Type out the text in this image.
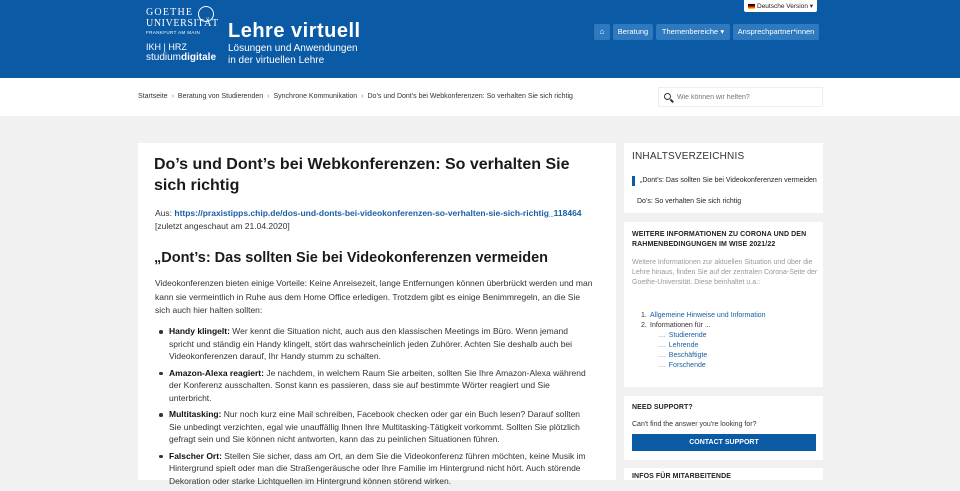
GOETHE
UNIVERSITÄT
FRANKFURT AM MAIN
IKH | HRZ
studiumdigitale
Lehre virtuell
Lösungen und Anwendungen
in der virtuellen Lehre
Deutsche Version ▾
⌂	Beratung	Themenbereiche ▾	Ansprechpartner*innen
Startseite › Beratung von Studierenden › Synchrone Kommunikation › Do’s und Dont’s bei Webkonferenzen: So verhalten Sie sich richtig
Wie können wir helfen?
Do’s und Dont’s bei Webkonferenzen: So verhalten Sie sich richtig
Aus: https://praxistipps.chip.de/dos-und-donts-bei-videokonferenzen-so-verhalten-sie-sich-richtig_118464 [zuletzt angeschaut am 21.04.2020]
„Dont’s: Das sollten Sie bei Videokonferenzen vermeiden

Videokonferenzen bieten einige Vorteile: Keine Anreisezeit, lange Entfernungen können überbrückt werden und man kann sie vermeintlich in Ruhe aus dem Home Office erledigen. Trotzdem gibt es einige Benimmregeln, an die Sie sich auch hier halten sollten:

Handy klingelt: Wer kennt die Situation nicht, auch aus den klassischen Meetings im Büro. Wenn jemand spricht und ständig ein Handy klingelt, stört das wahrscheinlich jeden Zuhörer. Achten Sie deshalb auch bei Videokonferenzen darauf, Ihr Handy stumm zu schalten.
Amazon-Alexa reagiert: Je nachdem, in welchem Raum Sie arbeiten, sollten Sie Ihre Amazon-Alexa während der Konferenz ausschalten. Sonst kann es passieren, dass sie auf bestimmte Wörter reagiert und Sie unterbricht.
Multitasking: Nur noch kurz eine Mail schreiben, Facebook checken oder gar ein Buch lesen? Darauf sollten Sie unbedingt verzichten, egal wie unauffällig Ihnen Ihre Multitasking-Tätigkeit vorkommt. Sollten Sie plötzlich gefragt sein und Sie können nicht antworten, kann das zu peinlichen Situationen führen.
Falscher Ort: Stellen Sie sicher, dass am Ort, an dem Sie die Videokonferenz führen möchten, keine Musik im Hintergrund spielt oder man die Straßengeräusche oder Ihre Familie im Hintergrund nicht hört. Auch störende Dekoration oder starke Lichtquellen im Hintergrund können störend wirken.
INHALTSVERZEICHNIS
„Dont’s: Das sollten Sie bei Videokonferenzen vermeiden
Do’s: So verhalten Sie sich richtig
WEITERE INFORMATIONEN ZU CORONA UND DEN RAHMENBEDINGUNGEN IM WISE 2021/22
Weitere Informationen zur aktuellen Situation und über die Lehre hinaus, finden Sie auf der zentralen Corona-Seite der Goethe-Universität. Diese beinhaltet u.a.:
1. Allgemeine Hinweise und Information
2. Informationen für ...
.... Studierende
.... Lehrende
.... Beschäftigte
.... Forschende
NEED SUPPORT?
Can't find the answer you're looking for?
CONTACT SUPPORT
INFOS FÜR MITARBEITENDE
